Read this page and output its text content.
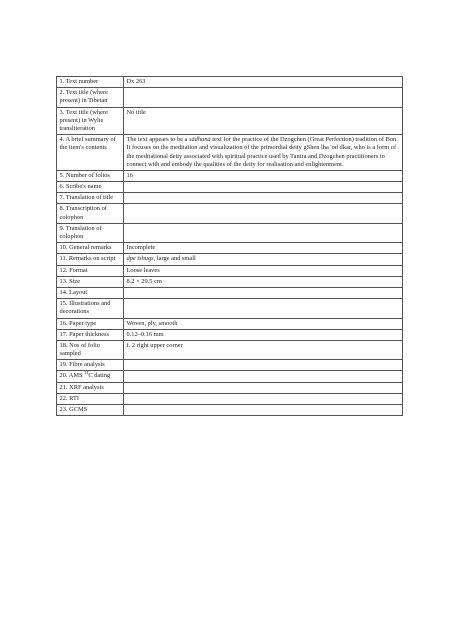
1. Text number	Dx 263
2. Text title (where present) in Tibetan	
3. Text title (where present) in Wylie transliteration	No title
4. A brief summary of the item's contents	The text appears to be a sādhanā text for the practice of the Dzogchen (Great Perfection) tradition of Bon. It focuses on the meditation and visualization of the primordial deity gShen lha 'od dkar, who is a form of the meditational deity associated with spiritual practice used by Tantra and Dzogchen practitioners to connect with and embody the qualities of the deity for realisation and enlightenment.
5. Number of folios	16
6. Scribe's name	
7. Translation of title	
8. Transcription of colophon	
9. Translation of colophon	
10. General remarks	Incomplete
11. Remarks on script	dpe tshugs, large and small
12. Format	Loose leaves
13. Size	8.2 × 29.5 cm
14. Layout	
15. Illustrations and decorations	
16. Paper type	Woven, ply, smooth
17. Paper thickness	0.12–0.16 mm
18. Nos of folio sampled	f. 2 right upper corner
19. Fibre analysis	
20. AMS $^{14}$C dating	
21. XRF analysis	
22. RTI	
23. GCMS	
